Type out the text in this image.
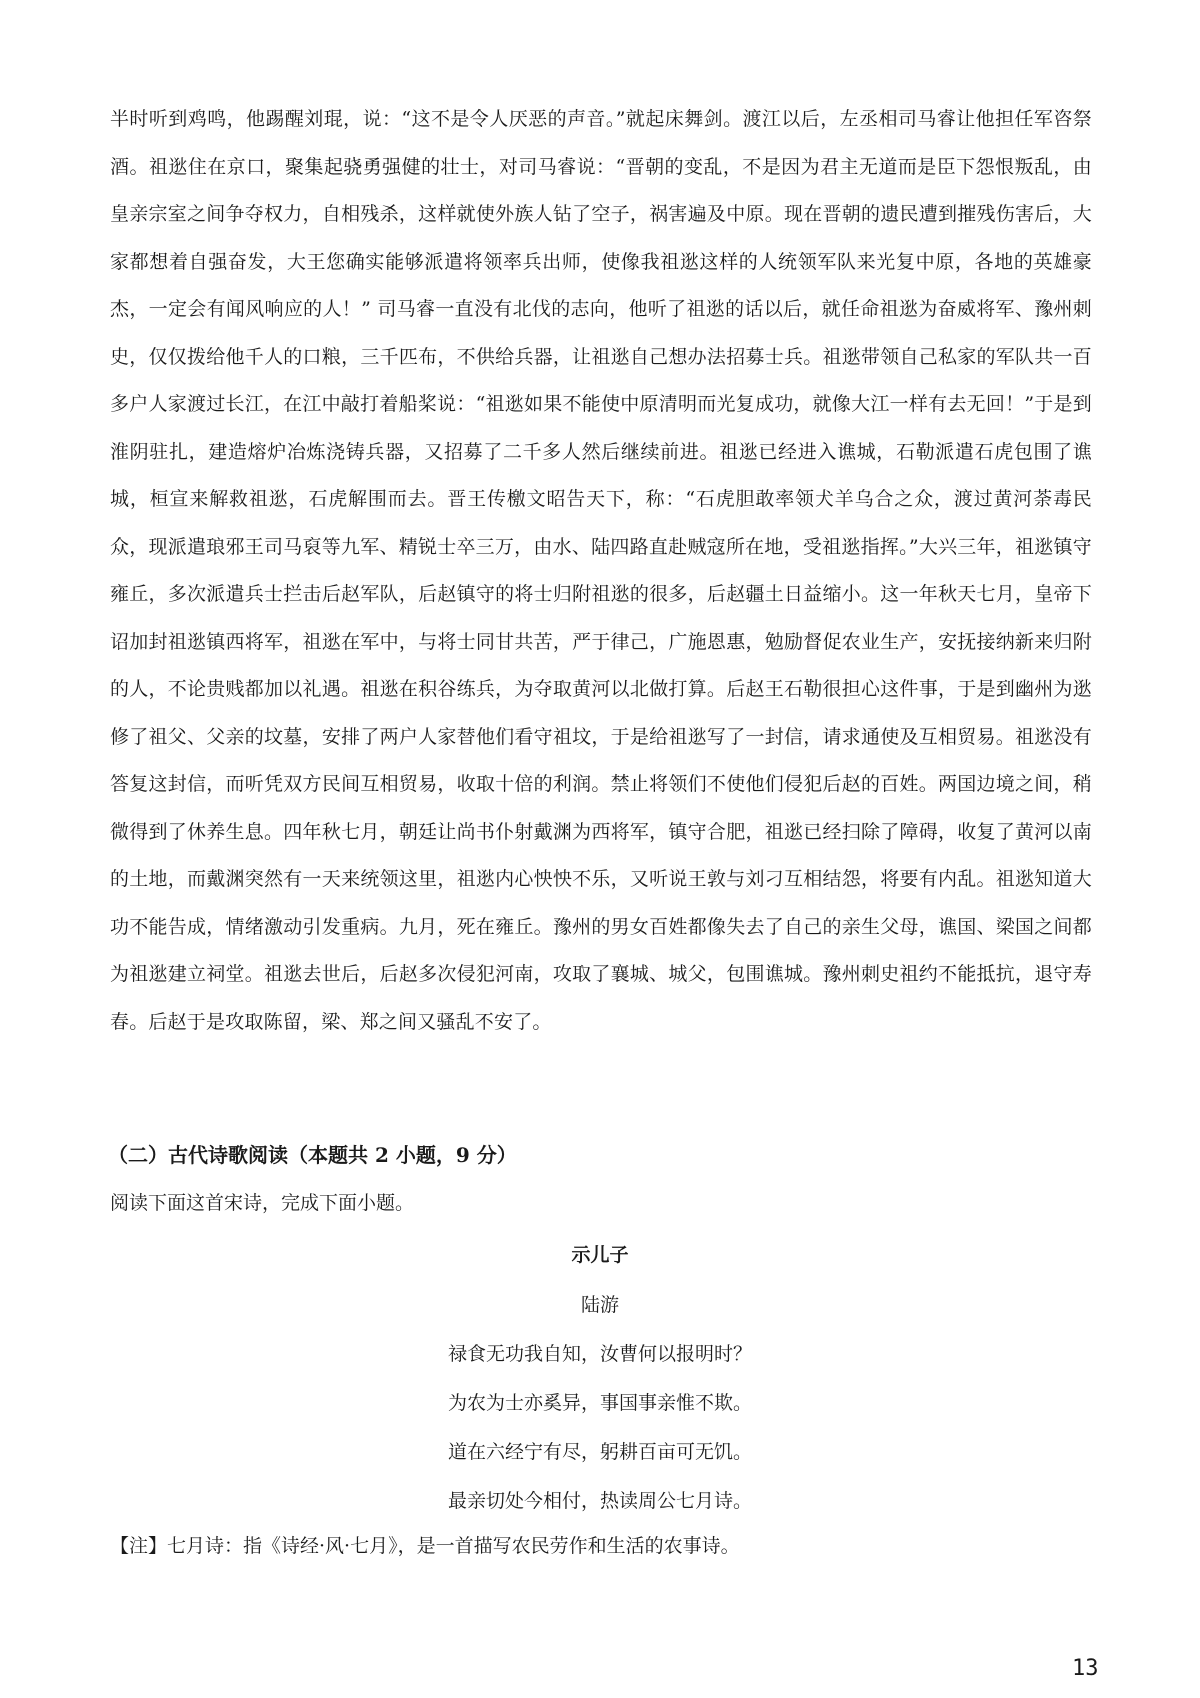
半时听到鸡鸣，他踢醒刘琨，说：“这不是令人厌恶的声音。”就起床舞剑。渡江以后，左丞相司马睿让他担任军咨祭酒。祖逖住在京口，聚集起骁勇强健的壮士，对司马睿说：“晋朝的变乱，不是因为君主无道而是臣下怨恨叛乱，由皇亲宗室之间争夺权力，自相残杀，这样就使外族人钻了空子，祸害遍及中原。现在晋朝的遗民遭到摧残伤害后，大家都想着自强奋发，大王您确实能够派遣将领率兵出师，使像我祖逖这样的人统领军队来光复中原，各地的英雄豪杰，一定会有闻风响应的人！” 司马睿一直没有北伐的志向，他听了祖逖的话以后，就任命祖逖为奋威将军、豫州刺史，仅仅拨给他千人的口粮，三千匹布，不供给兵器，让祖逖自己想办法招募士兵。祖逖带领自己私家的军队共一百多户人家渡过长江，在江中敲打着船桨说：“祖逖如果不能使中原清明而光复成功，就像大江一样有去无回！”于是到淮阴驻扎，建造熔炉冶炼浇铸兵器，又招募了二千多人然后继续前进。祖逖已经进入谯城，石勒派遣石虎包围了谯城，桓宣来解救祖逖，石虎解围而去。晋王传檄文昭告天下，称：“石虎胆敢率领犬羊乌合之众，渡过黄河荼毒民众，现派遣琅邪王司马裒等九军、精锐士卒三万，由水、陆四路直赴贼寇所在地，受祖逖指挥。”大兴三年，祖逖镇守雍丘，多次派遣兵士拦击后赵军队，后赵镇守的将士归附祖逖的很多，后赵疆土日益缩小。这一年秋天七月，皇帝下诏加封祖逖镇西将军，祖逖在军中，与将士同甘共苦，严于律己，广施恩惠，勉励督促农业生产，安抚接纳新来归附的人，不论贵贱都加以礼遇。祖逖在积谷练兵，为夺取黄河以北做打算。后赵王石勒很担心这件事，于是到幽州为逖修了祖父、父亲的坟墓，安排了两户人家替他们看守祖坟，于是给祖逖写了一封信，请求通使及互相贸易。祖逖没有答复这封信，而听凭双方民间互相贸易，收取十倍的利润。禁止将领们不使他们侵犯后赵的百姓。两国边境之间，稍微得到了休养生息。四年秋七月，朝廷让尚书仆射戴渊为西将军，镇守合肥，祖逖已经扫除了障碍，收复了黄河以南的土地，而戴渊突然有一天来统领这里，祖逖内心怏怏不乐，又听说王敦与刘刁互相结怨，将要有内乱。祖逖知道大功不能告成，情绪激动引发重病。九月，死在雍丘。豫州的男女百姓都像失去了自己的亲生父母，谯国、梁国之间都为祖逖建立祠堂。祖逖去世后，后赵多次侵犯河南，攻取了襄城、城父，包围谯城。豫州刺史祖约不能抵抗，退守寿春。后赵于是攻取陈留，梁、郑之间又骚乱不安了。

（二）古代诗歌阅读（本题共 2 小题，9 分）

阅读下面这首宋诗，完成下面小题。

示儿子

陆游

禄食无功我自知，汝曹何以报明时？
为农为士亦奚异，事国事亲惟不欺。
道在六经宁有尽，躬耕百亩可无饥。
最亲切处今相付，热读周公七月诗。

【注】七月诗：指《诗经·风·七月》，是一首描写农民劳作和生活的农事诗。

13
